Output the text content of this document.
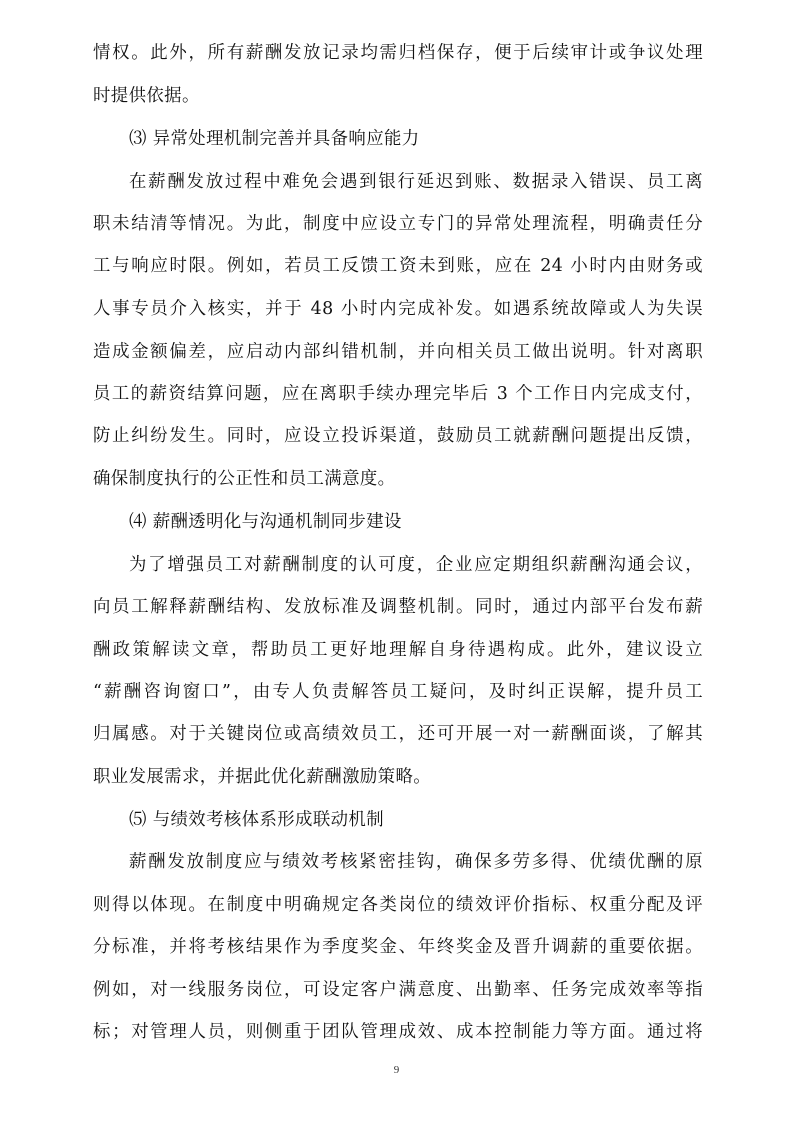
情权。此外，所有薪酬发放记录均需归档保存，便于后续审计或争议处理
时提供依据。
⑶ 异常处理机制完善并具备响应能力
在薪酬发放过程中难免会遇到银行延迟到账、数据录入错误、员工离
职未结清等情况。为此，制度中应设立专门的异常处理流程，明确责任分
工与响应时限。例如，若员工反馈工资未到账，应在 24 小时内由财务或
人事专员介入核实，并于 48 小时内完成补发。如遇系统故障或人为失误
造成金额偏差，应启动内部纠错机制，并向相关员工做出说明。针对离职
员工的薪资结算问题，应在离职手续办理完毕后 3 个工作日内完成支付，
防止纠纷发生。同时，应设立投诉渠道，鼓励员工就薪酬问题提出反馈，
确保制度执行的公正性和员工满意度。
⑷ 薪酬透明化与沟通机制同步建设
为了增强员工对薪酬制度的认可度，企业应定期组织薪酬沟通会议，
向员工解释薪酬结构、发放标准及调整机制。同时，通过内部平台发布薪
酬政策解读文章，帮助员工更好地理解自身待遇构成。此外，建议设立
“薪酬咨询窗口”，由专人负责解答员工疑问，及时纠正误解，提升员工
归属感。对于关键岗位或高绩效员工，还可开展一对一薪酬面谈，了解其
职业发展需求，并据此优化薪酬激励策略。
⑸ 与绩效考核体系形成联动机制
薪酬发放制度应与绩效考核紧密挂钩，确保多劳多得、优绩优酬的原
则得以体现。在制度中明确规定各类岗位的绩效评价指标、权重分配及评
分标准，并将考核结果作为季度奖金、年终奖金及晋升调薪的重要依据。
例如，对一线服务岗位，可设定客户满意度、出勤率、任务完成效率等指
标；对管理人员，则侧重于团队管理成效、成本控制能力等方面。通过将
9
